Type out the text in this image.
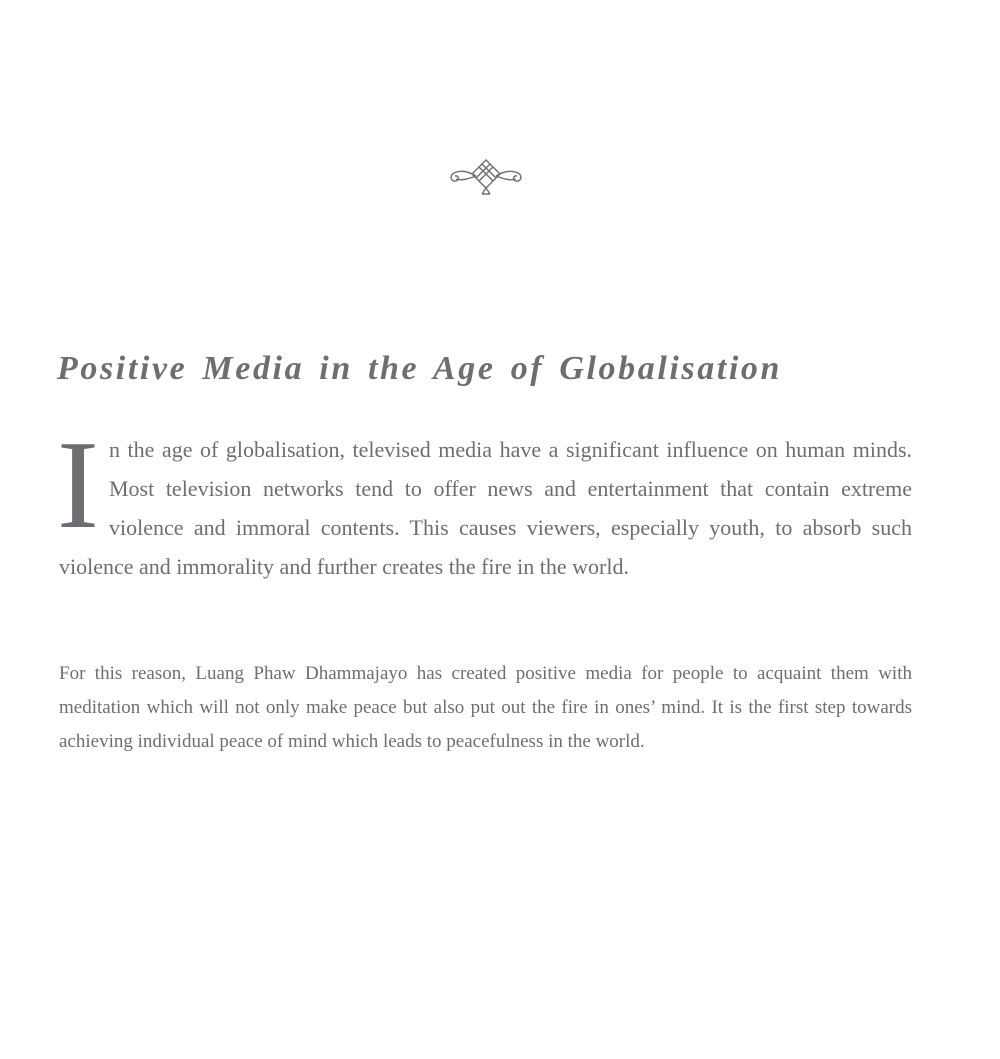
Positive Media in the Age of Globalisation

In the age of globalisation, televised media have a significant influence on human minds. Most television networks tend to offer news and entertainment that contain extreme violence and immoral contents. This causes viewers, especially youth, to absorb such violence and immorality and further creates the fire in the world.

For this reason, Luang Phaw Dhammajayo has created positive media for people to acquaint them with meditation which will not only make peace but also put out the fire in ones’ mind. It is the first step towards achieving individual peace of mind which leads to peacefulness in the world.
